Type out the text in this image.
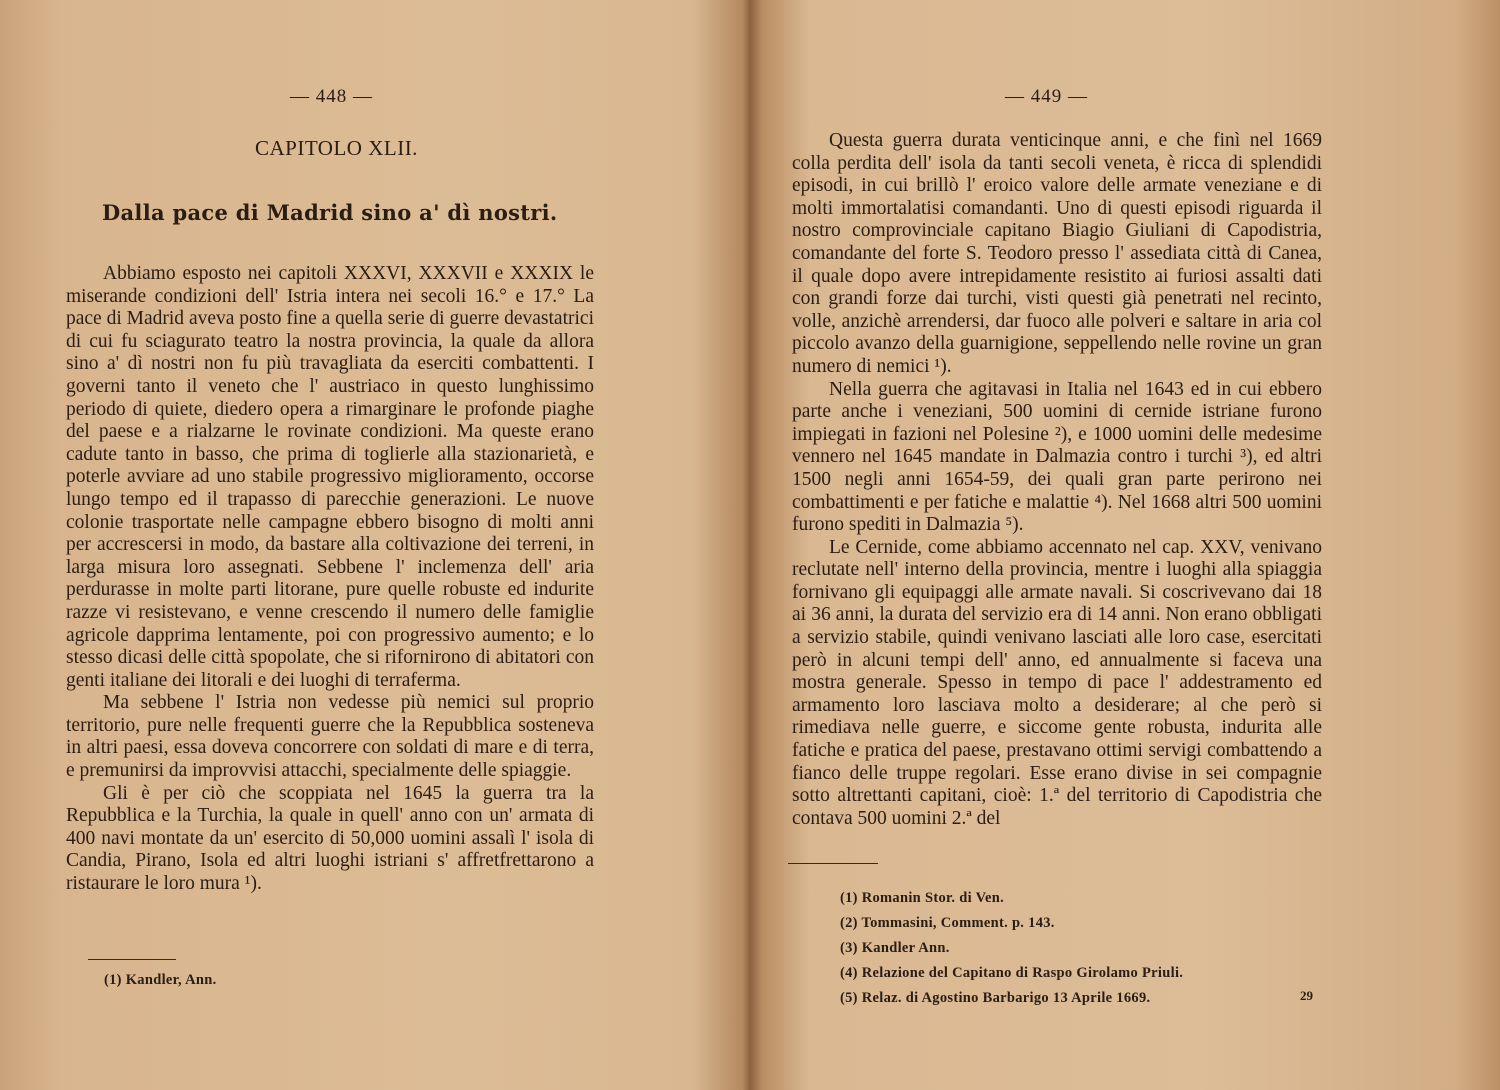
— 448 —
CAPITOLO XLII.
Dalla pace di Madrid sino a' dì nostri.

Abbiamo esposto nei capitoli XXXVI, XXXVII e XXXIX le miserande condizioni dell' Istria intera nei secoli 16.° e 17.° La pace di Madrid aveva posto fine a quella serie di guerre devastatrici di cui fu sciagurato teatro la nostra provincia, la quale da allora sino a' dì nostri non fu più travagliata da eserciti combattenti. I governi tanto il veneto che l' austriaco in questo lunghissimo periodo di quiete, diedero opera a rimarginare le profonde piaghe del paese e a rialzarne le rovinate condizioni. Ma queste erano cadute tanto in basso, che prima di toglierle alla stazionarietà, e poterle avviare ad uno stabile progressivo miglioramento, occorse lungo tempo ed il trapasso di parecchie generazioni. Le nuove colonie trasportate nelle campagne ebbero bisogno di molti anni per accrescersi in modo, da bastare alla coltivazione dei terreni, in larga misura loro assegnati. Sebbene l' inclemenza dell' aria perdurasse in molte parti litorane, pure quelle robuste ed indurite razze vi resistevano, e venne crescendo il numero delle famiglie agricole dapprima lentamente, poi con progressivo aumento; e lo stesso dicasi delle città spopolate, che si rifornirono di abitatori con genti italiane dei litorali e dei luoghi di terraferma.

Ma sebbene l' Istria non vedesse più nemici sul proprio territorio, pure nelle frequenti guerre che la Repubblica sosteneva in altri paesi, essa doveva concorrere con soldati di mare e di terra, e premunirsi da improvvisi attacchi, specialmente delle spiaggie.

Gli è per ciò che scoppiata nel 1645 la guerra tra la Repubblica e la Turchia, la quale in quell' anno con un' armata di 400 navi montate da un' esercito di 50,000 uomini assalì l' isola di Candia, Pirano, Isola ed altri luoghi istriani s' affretfrettarono a ristaurare le loro mura ¹).

(1) Kandler, Ann.
— 449 —

Questa guerra durata venticinque anni, e che finì nel 1669 colla perdita dell' isola da tanti secoli veneta, è ricca di splendidi episodi, in cui brillò l' eroico valore delle armate veneziane e di molti immortalatisi comandanti. Uno di questi episodi riguarda il nostro comprovinciale capitano Biagio Giuliani di Capodistria, comandante del forte S. Teodoro presso l' assediata città di Canea, il quale dopo avere intrepidamente resistito ai furiosi assalti dati con grandi forze dai turchi, visti questi già penetrati nel recinto, volle, anzichè arrendersi, dar fuoco alle polveri e saltare in aria col piccolo avanzo della guarnigione, seppellendo nelle rovine un gran numero di nemici ¹).

Nella guerra che agitavasi in Italia nel 1643 ed in cui ebbero parte anche i veneziani, 500 uomini di cernide istriane furono impiegati in fazioni nel Polesine ²), e 1000 uomini delle medesime vennero nel 1645 mandate in Dalmazia contro i turchi ³), ed altri 1500 negli anni 1654-59, dei quali gran parte perirono nei combattimenti e per fatiche e malattie ⁴). Nel 1668 altri 500 uomini furono spediti in Dalmazia ⁵).

Le Cernide, come abbiamo accennato nel cap. XXV, venivano reclutate nell' interno della provincia, mentre i luoghi alla spiaggia fornivano gli equipaggi alle armate navali. Si coscrivevano dai 18 ai 36 anni, la durata del servizio era di 14 anni. Non erano obbligati a servizio stabile, quindi venivano lasciati alle loro case, esercitati però in alcuni tempi dell' anno, ed annualmente si faceva una mostra generale. Spesso in tempo di pace l' addestramento ed armamento loro lasciava molto a desiderare; al che però si rimediava nelle guerre, e siccome gente robusta, indurita alle fatiche e pratica del paese, prestavano ottimi servigi combattendo a fianco delle truppe regolari. Esse erano divise in sei compagnie sotto altrettanti capitani, cioè: 1.ª del territorio di Capodistria che contava 500 uomini 2.ª del

(1) Romanin Stor. di Ven.
(2) Tommasini, Comment. p. 143.
(3) Kandler Ann.
(4) Relazione del Capitano di Raspo Girolamo Priuli.
(5) Relaz. di Agostino Barbarigo 13 Aprile 1669.	29
